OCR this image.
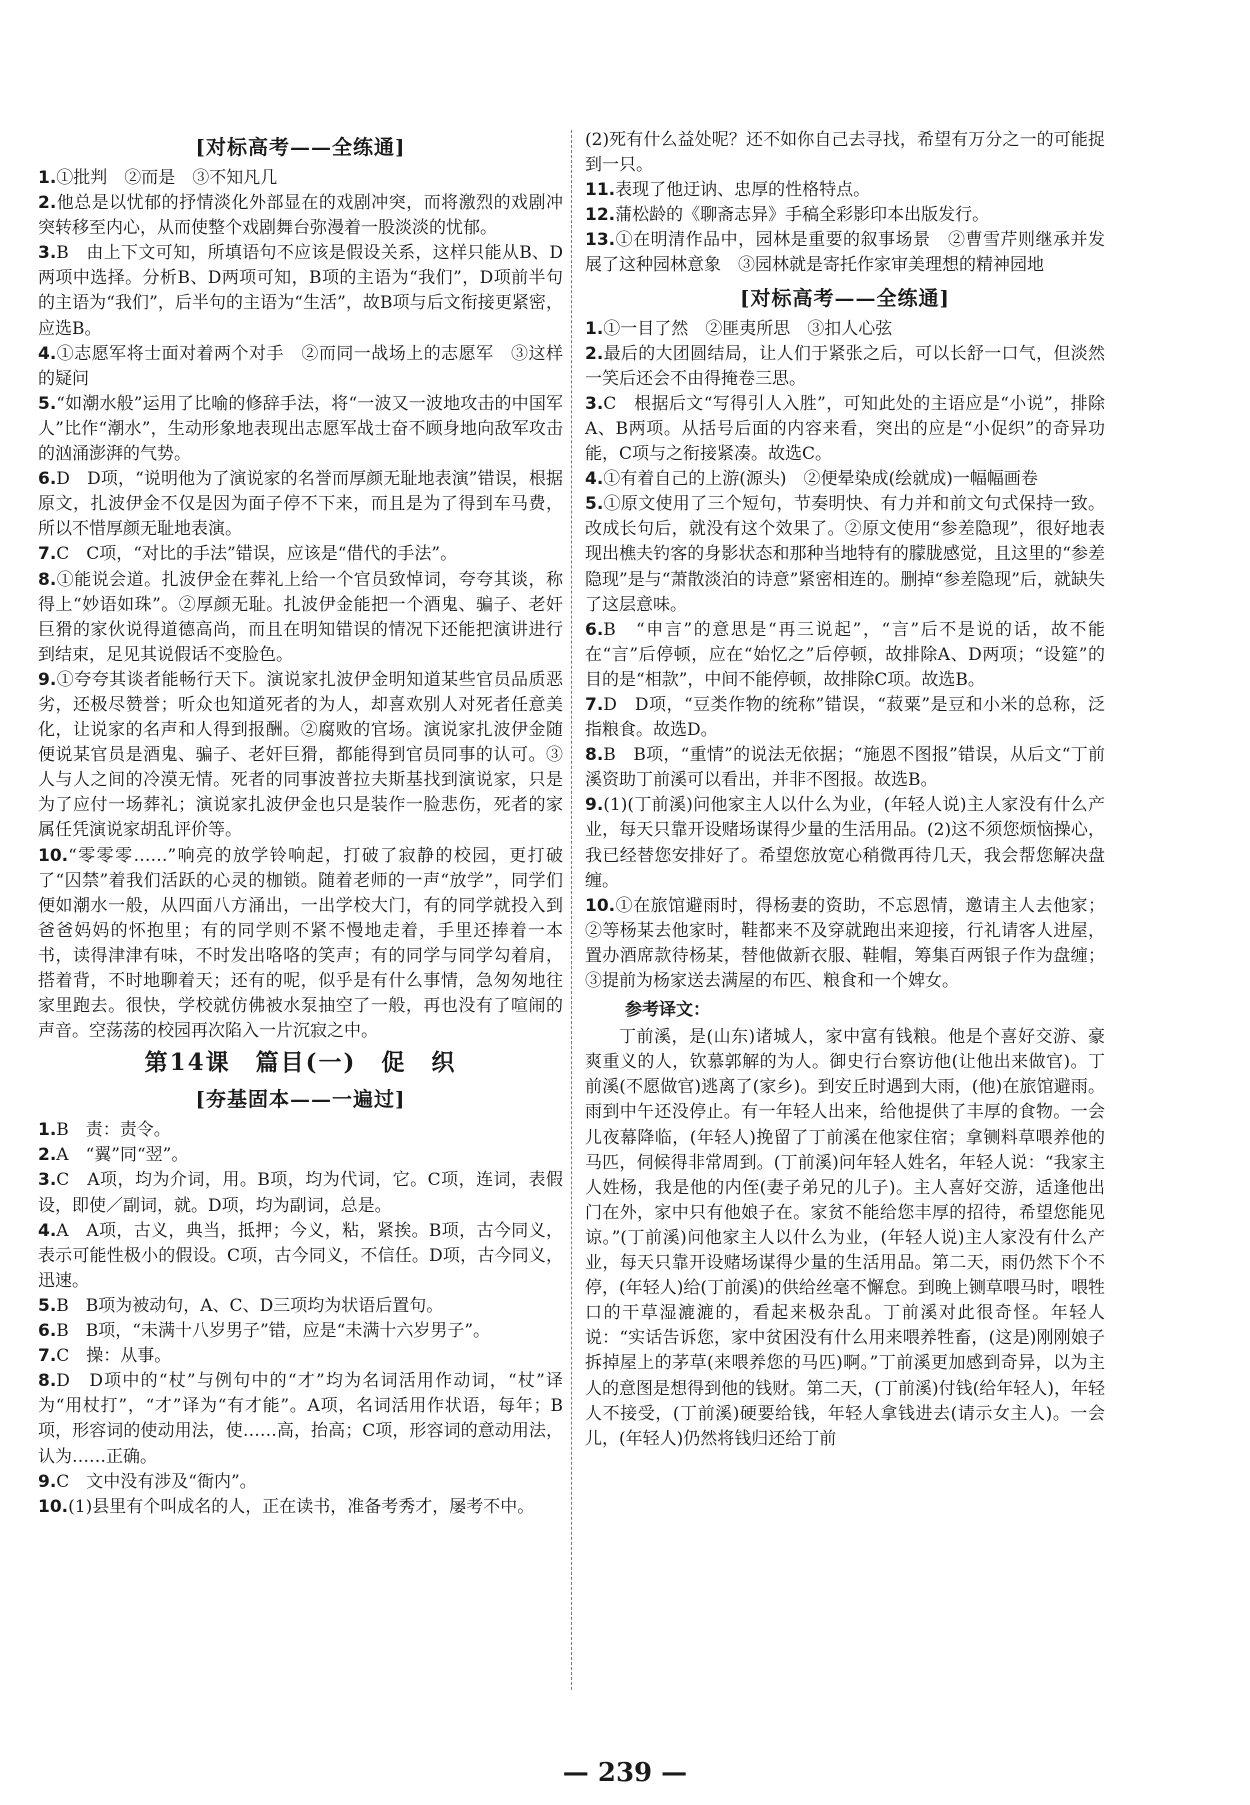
[对标高考——全练通]
1.①批判　②而是　③不知凡几
2.他总是以忧郁的抒情淡化外部显在的戏剧冲突，而将激烈的戏剧冲突转移至内心，从而使整个戏剧舞台弥漫着一股淡淡的忧郁。
3.B　由上下文可知，所填语句不应该是假设关系，这样只能从B、D两项中选择。分析B、D两项可知，B项的主语为“我们”，D项前半句的主语为“我们”，后半句的主语为“生活”，故B项与后文衔接更紧密，应选B。
4.①志愿军将士面对着两个对手　②而同一战场上的志愿军　③这样的疑问
5.“如潮水般”运用了比喻的修辞手法，将“一波又一波地攻击的中国军人”比作“潮水”，生动形象地表现出志愿军战士奋不顾身地向敌军攻击的汹涌澎湃的气势。
6.D　D项，“说明他为了演说家的名誉而厚颜无耻地表演”错误，根据原文，扎波伊金不仅是因为面子停不下来，而且是为了得到车马费，所以不惜厚颜无耻地表演。
7.C　C项，“对比的手法”错误，应该是“借代的手法”。
8.①能说会道。扎波伊金在葬礼上给一个官员致悼词，夸夸其谈，称得上“妙语如珠”。②厚颜无耻。扎波伊金能把一个酒鬼、骗子、老奸巨猾的家伙说得道德高尚，而且在明知错误的情况下还能把演讲进行到结束，足见其说假话不变脸色。
9.①夸夸其谈者能畅行天下。演说家扎波伊金明知道某些官员品质恶劣，还极尽赞誉；听众也知道死者的为人，却喜欢别人对死者任意美化，让说家的名声和人得到报酬。②腐败的官场。演说家扎波伊金随便说某官员是酒鬼、骗子、老奸巨猾，都能得到官员同事的认可。③人与人之间的冷漠无情。死者的同事波普拉夫斯基找到演说家，只是为了应付一场葬礼；演说家扎波伊金也只是装作一脸悲伤，死者的家属任凭演说家胡乱评价等。
10.“零零零……”响亮的放学铃响起，打破了寂静的校园，更打破了“囚禁”着我们活跃的心灵的枷锁。随着老师的一声“放学”，同学们便如潮水一般，从四面八方涌出，一出学校大门，有的同学就投入到爸爸妈妈的怀抱里；有的同学则不紧不慢地走着，手里还捧着一本书，读得津津有味，不时发出咯咯的笑声；有的同学与同学勾着肩，搭着背，不时地聊着天；还有的呢，似乎是有什么事情，急匆匆地往家里跑去。很快，学校就仿佛被水泵抽空了一般，再也没有了喧闹的声音。空荡荡的校园再次陷入一片沉寂之中。
第14课　篇目(一)　促　织
[夯基固本——一遍过]
1.B　责：责令。
2.A　“翼”同“翌”。
3.C　A项，均为介词，用。B项，均为代词，它。C项，连词，表假设，即使／副词，就。D项，均为副词，总是。
4.A　A项，古义，典当，抵押；今义，粘，紧挨。B项，古今同义，表示可能性极小的假设。C项，古今同义，不信任。D项，古今同义，迅速。
5.B　B项为被动句，A、C、D三项均为状语后置句。
6.B　B项，“未满十八岁男子”错，应是“未满十六岁男子”。
7.C　操：从事。
8.D　D项中的“杖”与例句中的“才”均为名词活用作动词，“杖”译为“用杖打”，“才”译为“有才能”。A项，名词活用作状语，每年；B项，形容词的使动用法，使……高，抬高；C项，形容词的意动用法，认为……正确。
9.C　文中没有涉及“衙内”。
10.(1)县里有个叫成名的人，正在读书，准备考秀才，屡考不中。
(2)死有什么益处呢？还不如你自己去寻找，希望有万分之一的可能捉到一只。
11.表现了他迂讷、忠厚的性格特点。
12.蒲松龄的《聊斋志异》手稿全彩影印本出版发行。
13.①在明清作品中，园林是重要的叙事场景　②曹雪芹则继承并发展了这种园林意象　③园林就是寄托作家审美理想的精神园地
[对标高考——全练通]
1.①一目了然　②匪夷所思　③扣人心弦
2.最后的大团圆结局，让人们于紧张之后，可以长舒一口气，但淡然一笑后还会不由得掩卷三思。
3.C　根据后文“写得引人入胜”，可知此处的主语应是“小说”，排除A、B两项。从括号后面的内容来看，突出的应是“小促织”的奇异功能，C项与之衔接紧凑。故选C。
4.①有着自己的上游(源头)　②便晕染成(绘就成)一幅幅画卷
5.①原文使用了三个短句，节奏明快、有力并和前文句式保持一致。改成长句后，就没有这个效果了。②原文使用“参差隐现”，很好地表现出樵夫钓客的身影状态和那种当地特有的朦胧感觉，且这里的“参差隐现”是与“萧散淡泊的诗意”紧密相连的。删掉“参差隐现”后，就缺失了这层意味。
6.B　“申言”的意思是“再三说起”，“言”后不是说的话，故不能在“言”后停顿，应在“始忆之”后停顿，故排除A、D两项；“设筵”的目的是“相款”，中间不能停顿，故排除C项。故选B。
7.D　D项，“豆类作物的统称”错误，“菽粟”是豆和小米的总称，泛指粮食。故选D。
8.B　B项，“重情”的说法无依据；“施恩不图报”错误，从后文“丁前溪资助丁前溪可以看出，并非不图报。故选B。
9.(1)(丁前溪)问他家主人以什么为业，(年轻人说)主人家没有什么产业，每天只靠开设赌场谋得少量的生活用品。(2)这不须您烦恼操心，我已经替您安排好了。希望您放宽心稍微再待几天，我会帮您解决盘缠。
10.①在旅馆避雨时，得杨妻的资助，不忘恩情，邀请主人去他家；②等杨某去他家时，鞋都来不及穿就跑出来迎接，行礼请客人进屋，置办酒席款待杨某，替他做新衣服、鞋帽，筹集百两银子作为盘缠；③提前为杨家送去满屋的布匹、粮食和一个婢女。
参考译文：
丁前溪，是(山东)诸城人，家中富有钱粮。他是个喜好交游、豪爽重义的人，钦慕郭解的为人。御史行台察访他(让他出来做官)。丁前溪(不愿做官)逃离了(家乡)。到安丘时遇到大雨，(他)在旅馆避雨。雨到中午还没停止。有一年轻人出来，给他提供了丰厚的食物。一会儿夜幕降临，(年轻人)挽留了丁前溪在他家住宿；拿铡料草喂养他的马匹，伺候得非常周到。(丁前溪)问年轻人姓名，年轻人说：“我家主人姓杨，我是他的内侄(妻子弟兄的儿子)。主人喜好交游，适逢他出门在外，家中只有他娘子在。家贫不能给您丰厚的招待，希望您能见谅。”(丁前溪)问他家主人以什么为业，(年轻人说)主人家没有什么产业，每天只靠开设赌场谋得少量的生活用品。第二天，雨仍然下个不停，(年轻人)给(丁前溪)的供给丝毫不懈怠。到晚上铡草喂马时，喂牲口的干草湿漉漉的，看起来极杂乱。丁前溪对此很奇怪。年轻人说：“实话告诉您，家中贫困没有什么用来喂养牲畜，(这是)刚刚娘子拆掉屋上的茅草(来喂养您的马匹)啊。”丁前溪更加感到奇异，以为主人的意图是想得到他的钱财。第二天，(丁前溪)付钱(给年轻人)，年轻人不接受，(丁前溪)硬要给钱，年轻人拿钱进去(请示女主人)。一会儿，(年轻人)仍然将钱归还给丁前
— 239 —
